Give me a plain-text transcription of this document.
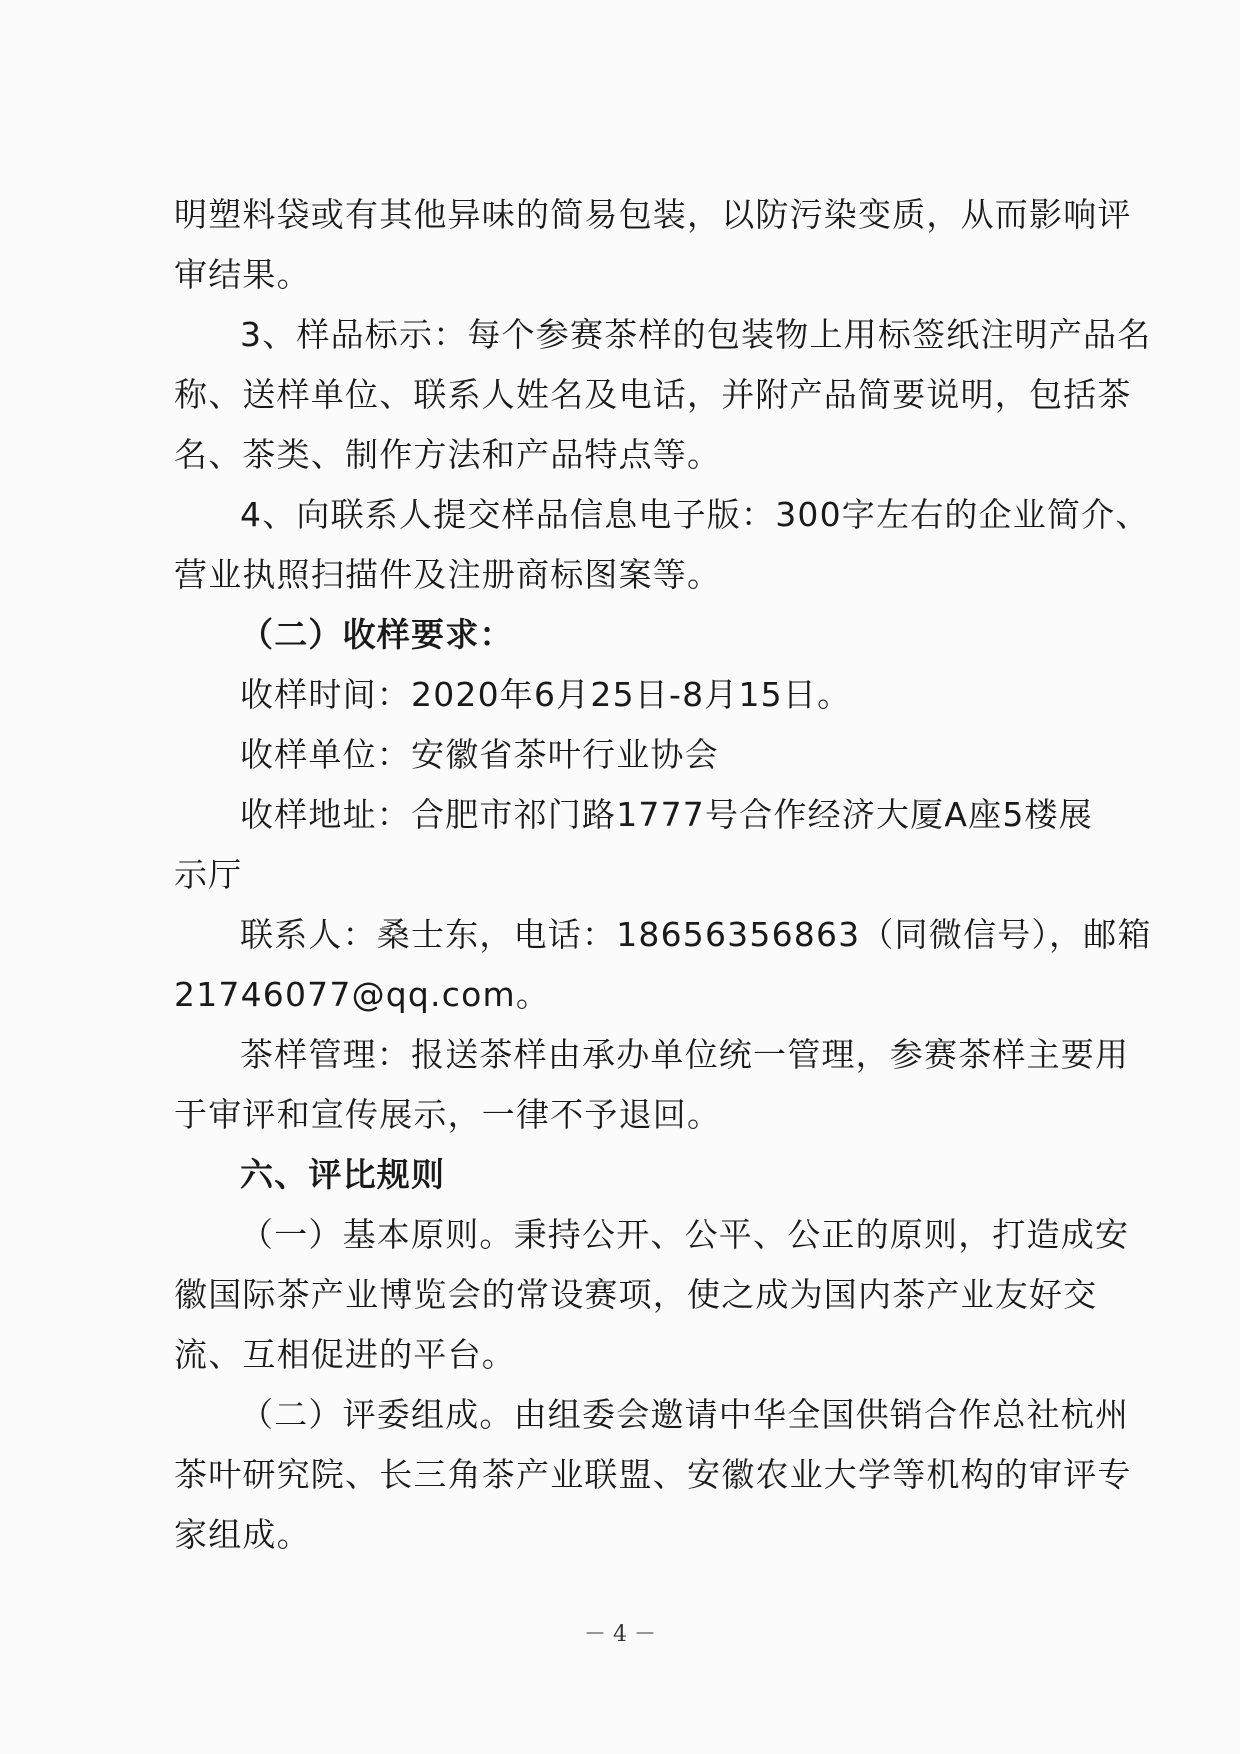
明塑料袋或有其他异味的简易包装，以防污染变质，从而影响评
审结果。
3、样品标示：每个参赛茶样的包装物上用标签纸注明产品名
称、送样单位、联系人姓名及电话，并附产品简要说明，包括茶
名、茶类、制作方法和产品特点等。
4、向联系人提交样品信息电子版：300字左右的企业简介、
营业执照扫描件及注册商标图案等。
（二）收样要求：
收样时间：2020年6月25日-8月15日。
收样单位：安徽省茶叶行业协会
收样地址：合肥市祁门路1777号合作经济大厦A座5楼展
示厅
联系人：桑士东，电话：18656356863（同微信号），邮箱
21746077@qq.com。
茶样管理：报送茶样由承办单位统一管理，参赛茶样主要用
于审评和宣传展示，一律不予退回。
六、评比规则
（一）基本原则。秉持公开、公平、公正的原则，打造成安
徽国际茶产业博览会的常设赛项，使之成为国内茶产业友好交
流、互相促进的平台。
（二）评委组成。由组委会邀请中华全国供销合作总社杭州
茶叶研究院、长三角茶产业联盟、安徽农业大学等机构的审评专
家组成。
－ 4 －
